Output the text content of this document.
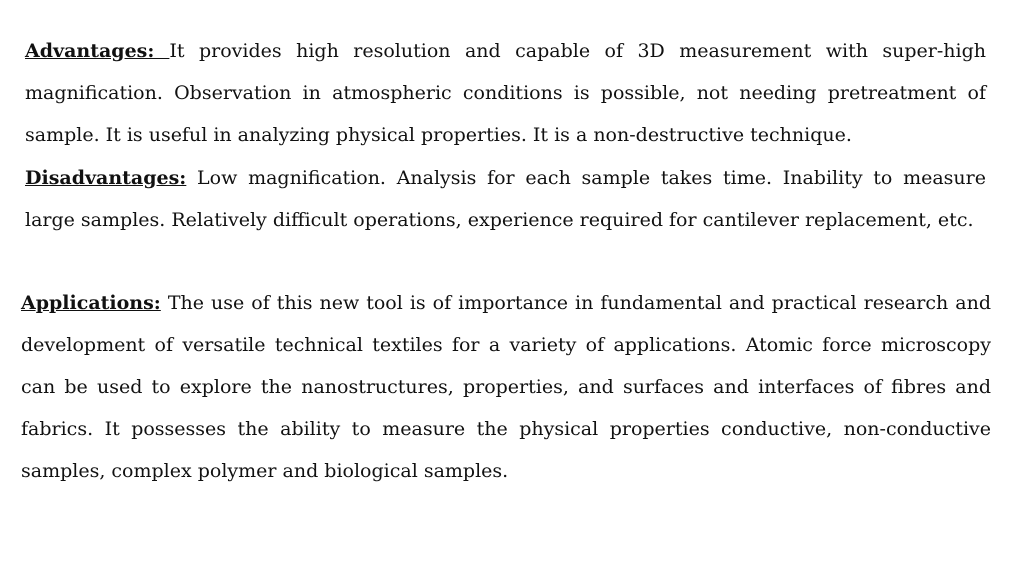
Advantages: It provides high resolution and capable of 3D measurement with super-high magnification. Observation in atmospheric conditions is possible, not needing pretreatment of sample. It is useful in analyzing physical properties. It is a non-destructive technique.

Disadvantages: Low magnification. Analysis for each sample takes time. Inability to measure large samples. Relatively difficult operations, experience required for cantilever replacement, etc.

Applications: The use of this new tool is of importance in fundamental and practical research and development of versatile technical textiles for a variety of applications. Atomic force microscopy can be used to explore the nanostructures, properties, and surfaces and interfaces of fibres and fabrics. It possesses the ability to measure the physical properties conductive, non-conductive samples, complex polymer and biological samples.
